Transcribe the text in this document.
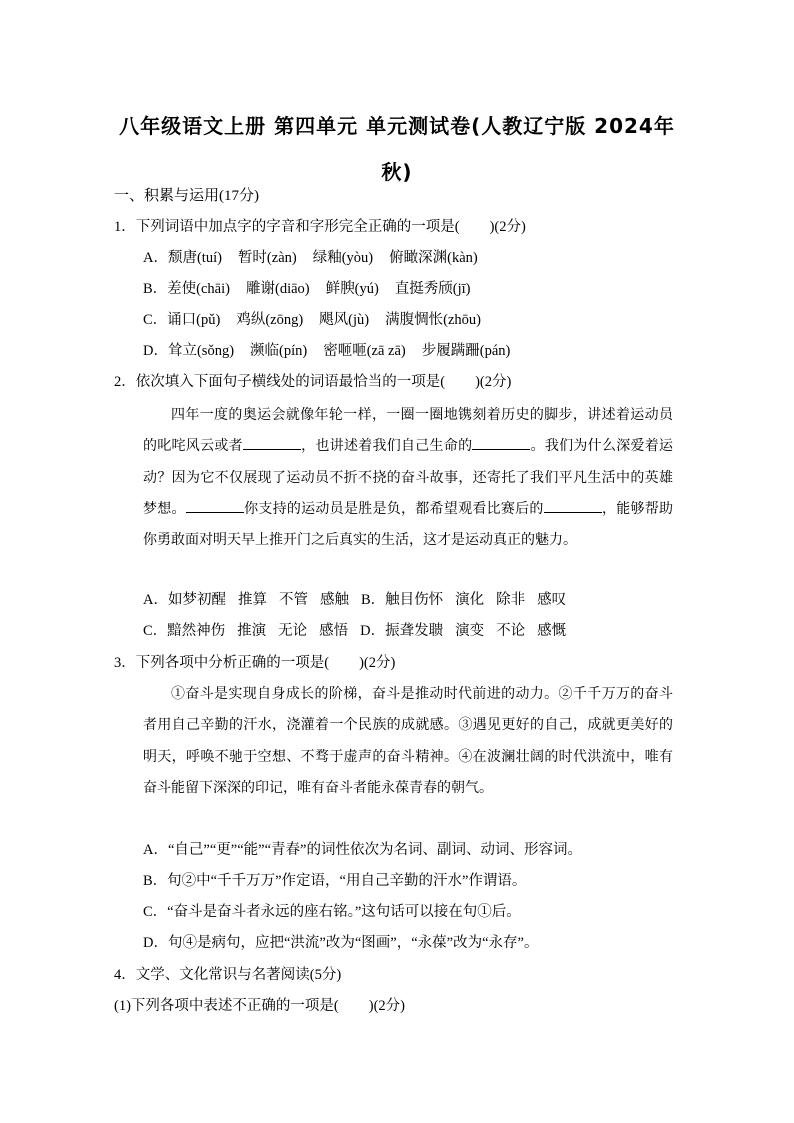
八年级语文上册 第四单元 单元测试卷(人教辽宁版 2024年
秋)
一、积累与运用(17分)
1．下列词语中加点字的字音和字形完全正确的一项是( )(2分)
A．颓唐(tuí) 暂时(zàn) 绿釉(yòu) 俯瞰深渊(kàn)
B．差使(chāi) 雕谢(diāo) 鲜腴(yú) 直挺秀颀(jī)
C．诵口(pǔ) 鸡纵(zōng) 飓风(jù) 满腹惆怅(zhōu)
D．耸立(sǒng) 濒临(pín) 密咂咂(zā zā) 步履蹒跚(pán)
2．依次填入下面句子横线处的词语最恰当的一项是( )(2分)
四年一度的奥运会就像年轮一样，一圈一圈地镌刻着历史的脚步，讲述着运动员的叱咤风云或者	，也讲述着我们自己生命的	。我们为什么深爱着运动？因为它不仅展现了运动员不折不挠的奋斗故事，还寄托了我们平凡生活中的英雄梦想。	你支持的运动员是胜是负，都希望观看比赛后的	，能够帮助你勇敢面对明天早上推开门之后真实的生活，这才是运动真正的魅力。
A．如梦初醒 推算 不管 感触 B．触目伤怀 演化 除非 感叹
C．黯然神伤 推演 无论 感悟 D．振聋发聩 演变 不论 感慨
3．下列各项中分析正确的一项是( )(2分)
①奋斗是实现自身成长的阶梯，奋斗是推动时代前进的动力。②千千万万的奋斗者用自己辛勤的汗水，浇灌着一个民族的成就感。③遇见更好的自己，成就更美好的明天，呼唤不驰于空想、不骛于虚声的奋斗精神。④在波澜壮阔的时代洪流中，唯有奋斗能留下深深的印记，唯有奋斗者能永葆青春的朝气。
A．“自己”“更”“能”“青春”的词性依次为名词、副词、动词、形容词。
B．句②中“千千万万”作定语，“用自己辛勤的汗水”作谓语。
C．“奋斗是奋斗者永远的座右铭。”这句话可以接在句①后。
D．句④是病句，应把“洪流”改为“图画”，“永葆”改为“永存”。
4．文学、文化常识与名著阅读(5分)
(1)下列各项中表述不正确的一项是( )(2分)
